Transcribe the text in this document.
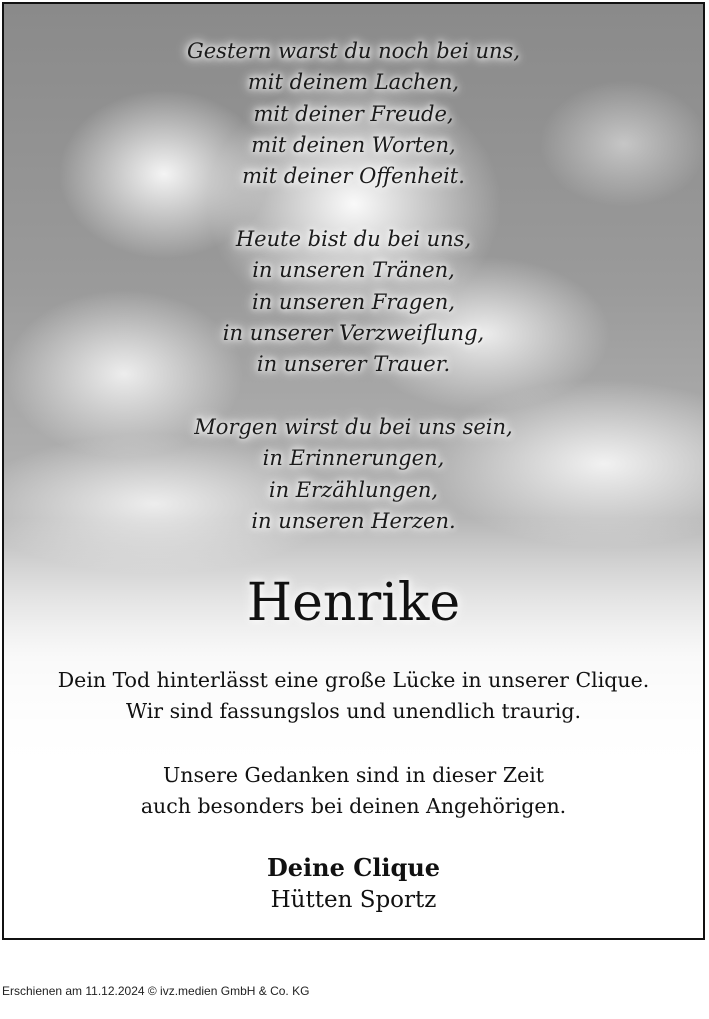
Gestern warst du noch bei uns,
mit deinem Lachen,
mit deiner Freude,
mit deinen Worten,
mit deiner Offenheit.
Heute bist du bei uns,
in unseren Tränen,
in unseren Fragen,
in unserer Verzweiflung,
in unserer Trauer.
Morgen wirst du bei uns sein,
in Erinnerungen,
in Erzählungen,
in unseren Herzen.
Henrike
Dein Tod hinterlässt eine große Lücke in unserer Clique.
Wir sind fassungslos und unendlich traurig.
Unsere Gedanken sind in dieser Zeit
auch besonders bei deinen Angehörigen.
Deine Clique
Hütten Sportz
Erschienen am 11.12.2024 © ivz.medien GmbH & Co. KG
